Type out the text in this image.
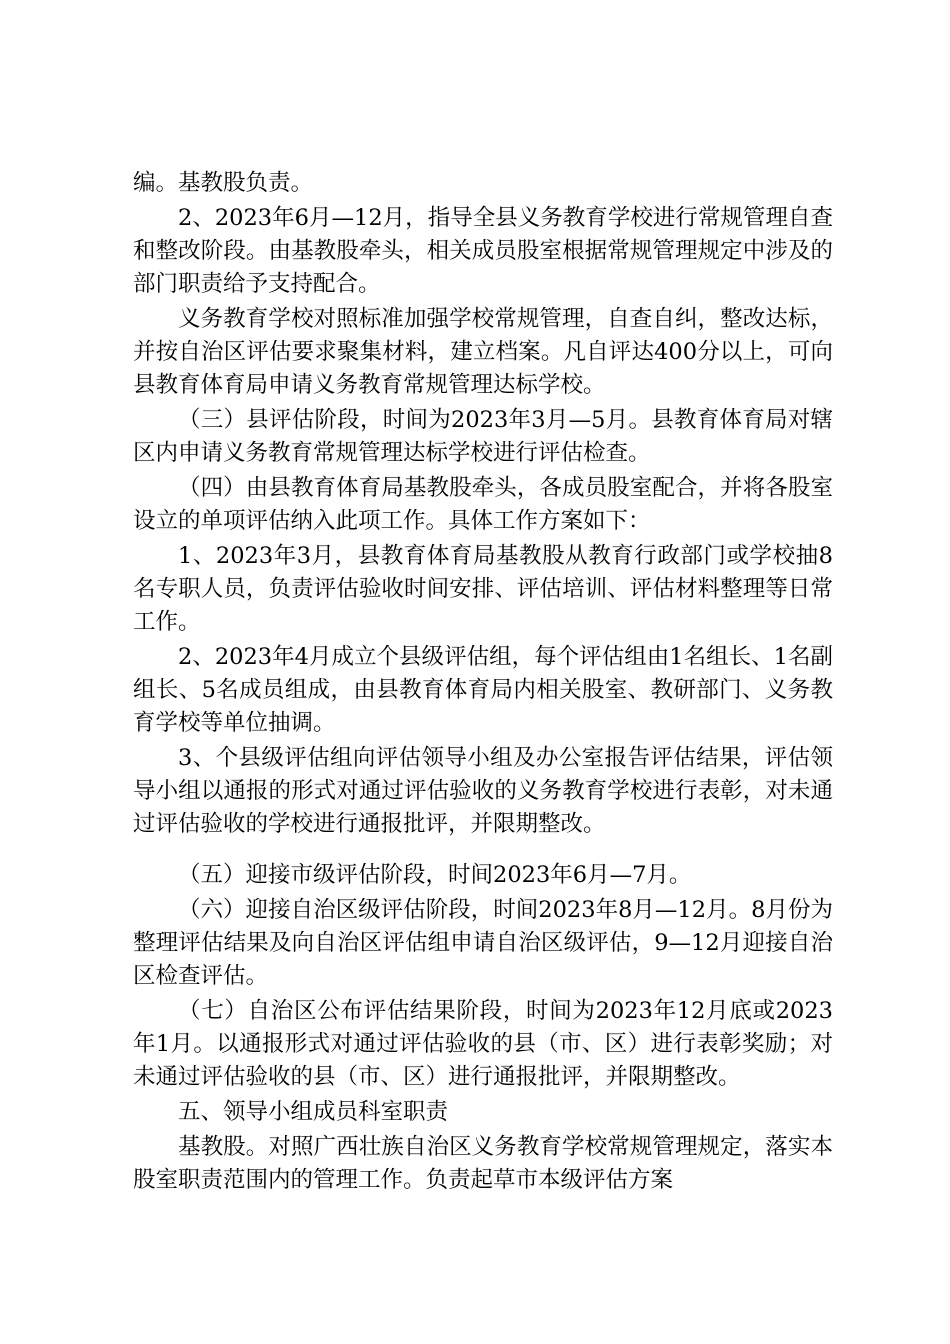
编。基教股负责。

2、2023年6月—12月，指导全县义务教育学校进行常规管理自查和整改阶段。由基教股牵头，相关成员股室根据常规管理规定中涉及的部门职责给予支持配合。

义务教育学校对照标准加强学校常规管理，自查自纠，整改达标，并按自治区评估要求聚集材料，建立档案。凡自评达400分以上，可向县教育体育局申请义务教育常规管理达标学校。

（三）县评估阶段，时间为2023年3月—5月。县教育体育局对辖区内申请义务教育常规管理达标学校进行评估检查。

（四）由县教育体育局基教股牵头，各成员股室配合，并将各股室设立的单项评估纳入此项工作。具体工作方案如下：

1、2023年3月，县教育体育局基教股从教育行政部门或学校抽8名专职人员，负责评估验收时间安排、评估培训、评估材料整理等日常工作。

2、2023年4月成立个县级评估组，每个评估组由1名组长、1名副组长、5名成员组成，由县教育体育局内相关股室、教研部门、义务教育学校等单位抽调。

3、个县级评估组向评估领导小组及办公室报告评估结果，评估领导小组以通报的形式对通过评估验收的义务教育学校进行表彰，对未通过评估验收的学校进行通报批评，并限期整改。

（五）迎接市级评估阶段，时间2023年6月—7月。

（六）迎接自治区级评估阶段，时间2023年8月—12月。8月份为整理评估结果及向自治区评估组申请自治区级评估，9—12月迎接自治区检查评估。

（七）自治区公布评估结果阶段，时间为2023年12月底或2023年1月。以通报形式对通过评估验收的县（市、区）进行表彰奖励；对未通过评估验收的县（市、区）进行通报批评，并限期整改。

五、领导小组成员科室职责

基教股。对照广西壮族自治区义务教育学校常规管理规定，落实本股室职责范围内的管理工作。负责起草市本级评估方案
